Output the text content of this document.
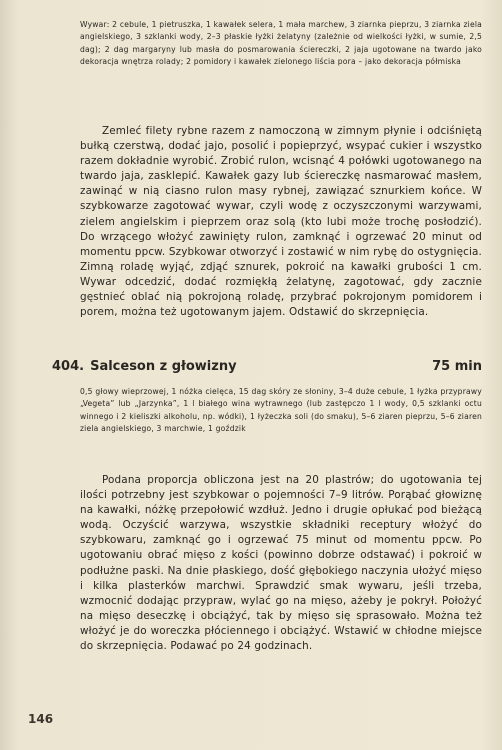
Wywar: 2 cebule, 1 pietruszka, 1 kawałek selera, 1 mała marchew, 3 ziarnka pieprzu, 3 ziarnka ziela angielskiego, 3 szklanki wody, 2–3 płaskie łyżki żelatyny (zależnie od wielkości łyżki, w sumie, 2,5 dag); 2 dag margaryny lub masła do posmarowania ściereczki, 2 jaja ugotowane na twardo jako dekoracja wnętrza rolady; 2 pomidory i kawałek zielonego liścia pora – jako dekoracja półmiska

Zemleć filety rybne razem z namoczoną w zimnym płynie i odciśniętą bułką czerstwą, dodać jajo, posolić i popieprzyć, wsypać cukier i wszystko razem dokładnie wyrobić. Zrobić rulon, wcisnąć 4 połówki ugotowanego na twardo jaja, zasklepić. Kawałek gazy lub ściereczkę nasmarować masłem, zawinąć w nią ciasno rulon masy rybnej, zawiązać sznurkiem końce. W szybkowarze zagotować wywar, czyli wodę z oczyszczonymi warzywami, zielem angielskim i pieprzem oraz solą (kto lubi może trochę posłodzić). Do wrzącego włożyć zawinięty rulon, zamknąć i ogrzewać 20 minut od momentu ppcw. Szybkowar otworzyć i zostawić w nim rybę do ostygnięcia. Zimną roladę wyjąć, zdjąć sznurek, pokroić na kawałki grubości 1 cm. Wywar odcedzić, dodać rozmiękłą żelatynę, zagotować, gdy zacznie gęstnieć oblać nią pokrojoną roladę, przybrać pokrojonym pomidorem i porem, można też ugotowanym jajem. Odstawić do skrzepnięcia.

404. Salceson z głowizny	75 min

0,5 głowy wieprzowej, 1 nóżka cielęca, 15 dag skóry ze słoniny, 3–4 duże cebule, 1 łyżka przyprawy „Vegeta” lub „Jarzynka”, 1 l białego wina wytrawnego (lub zastępczo 1 l wody, 0,5 szklanki octu winnego i 2 kieliszki alkoholu, np. wódki), 1 łyżeczka soli (do smaku), 5–6 ziaren pieprzu, 5–6 ziaren ziela angielskiego, 3 marchwie, 1 goździk

Podana proporcja obliczona jest na 20 plastrów; do ugotowania tej ilości potrzebny jest szybkowar o pojemności 7–9 litrów. Porąbać głowiznę na kawałki, nóżkę przepołowić wzdłuż. Jedno i drugie opłukać pod bieżącą wodą. Oczyścić warzywa, wszystkie składniki receptury włożyć do szybkowaru, zamknąć go i ogrzewać 75 minut od momentu ppcw. Po ugotowaniu obrać mięso z kości (powinno dobrze odstawać) i pokroić w podłużne paski. Na dnie płaskiego, dość głębokiego naczynia ułożyć mięso i kilka plasterków marchwi. Sprawdzić smak wywaru, jeśli trzeba, wzmocnić dodając przypraw, wylać go na mięso, ażeby je pokrył. Położyć na mięso deseczkę i obciążyć, tak by mięso się sprasowało. Można też włożyć je do woreczka płóciennego i obciążyć. Wstawić w chłodne miejsce do skrzepnięcia. Podawać po 24 godzinach.

146
